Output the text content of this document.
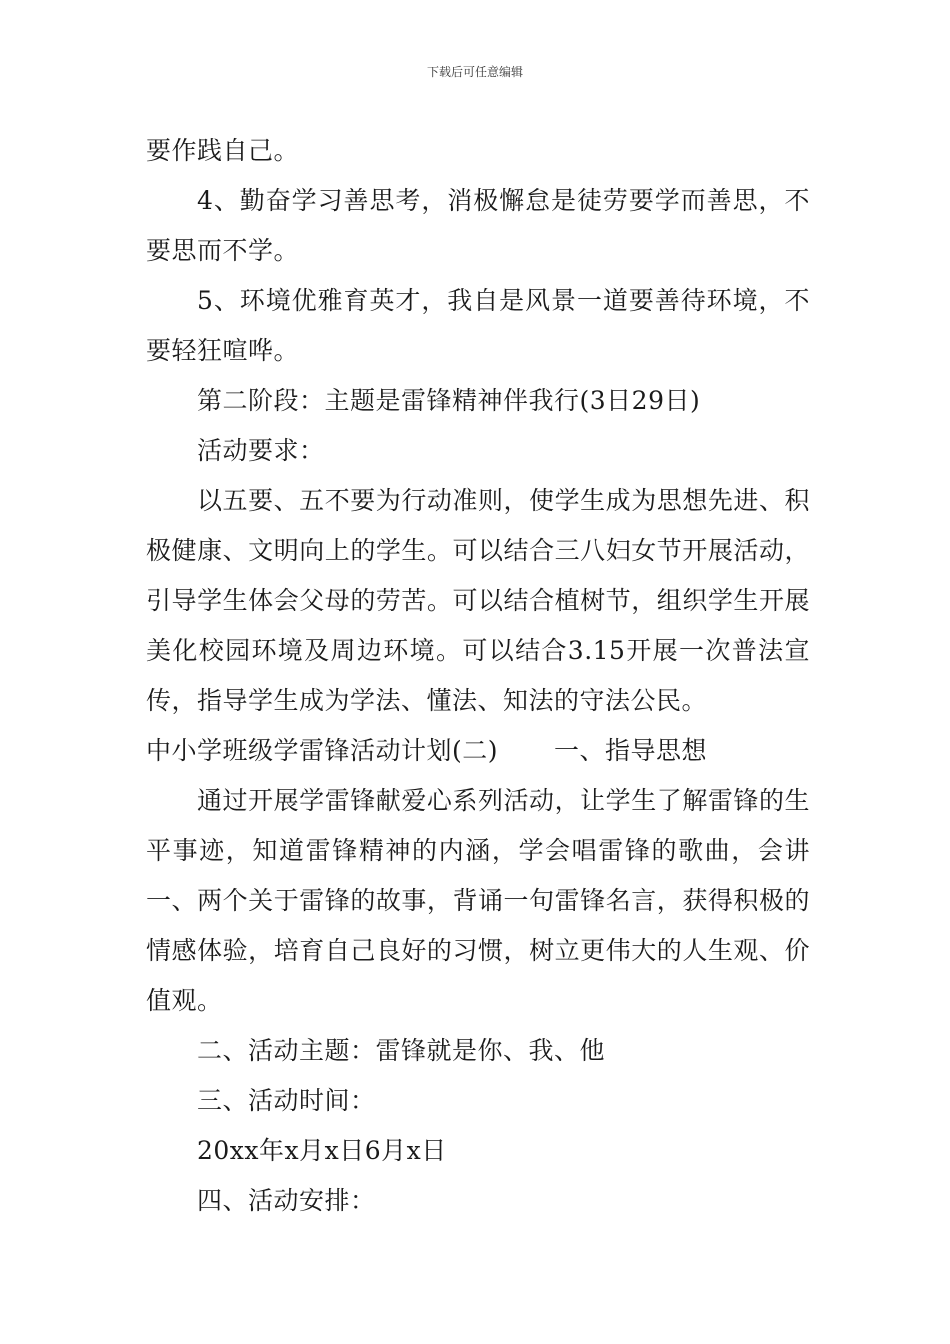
下载后可任意编辑

要作践自己。

4、勤奋学习善思考，消极懈怠是徒劳要学而善思，不要思而不学。

5、环境优雅育英才，我自是风景一道要善待环境，不要轻狂喧哗。

第二阶段：主题是雷锋精神伴我行(3日29日)

活动要求：

以五要、五不要为行动准则，使学生成为思想先进、积极健康、文明向上的学生。可以结合三八妇女节开展活动，引导学生体会父母的劳苦。可以结合植树节，组织学生开展美化校园环境及周边环境。可以结合3.15开展一次普法宣传，指导学生成为学法、懂法、知法的守法公民。

中小学班级学雷锋活动计划(二) 一、指导思想

通过开展学雷锋献爱心系列活动，让学生了解雷锋的生平事迹，知道雷锋精神的内涵，学会唱雷锋的歌曲，会讲一、两个关于雷锋的故事，背诵一句雷锋名言，获得积极的情感体验，培育自己良好的习惯，树立更伟大的人生观、价值观。

二、活动主题：雷锋就是你、我、他

三、活动时间：

20xx年x月x日6月x日

四、活动安排：
